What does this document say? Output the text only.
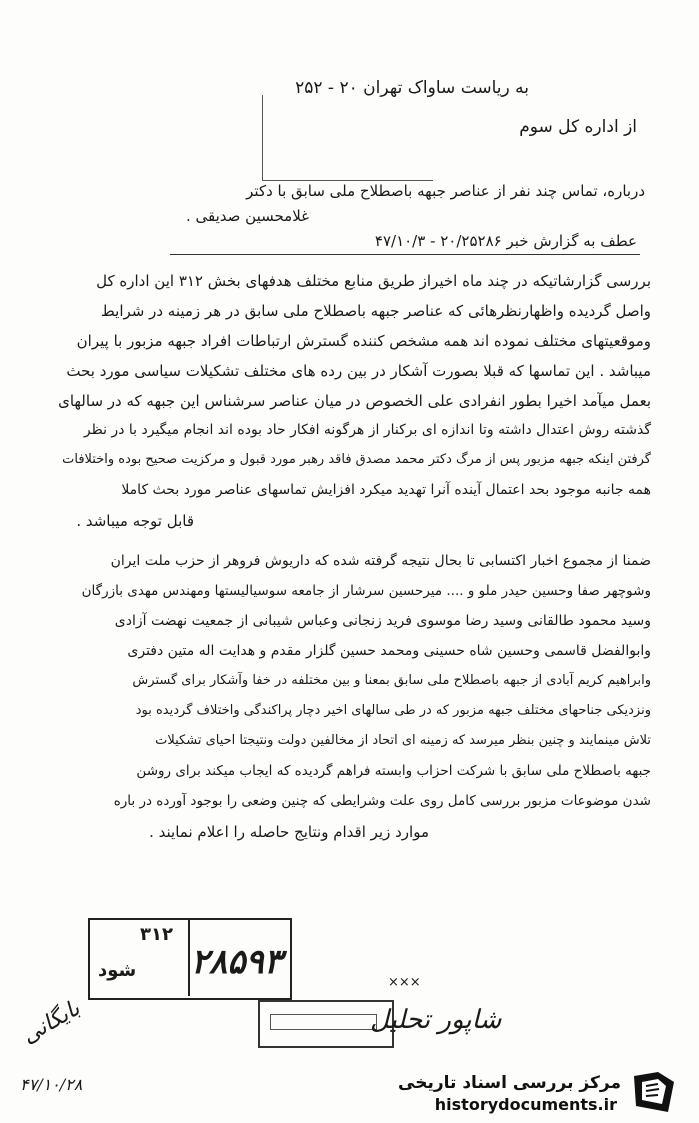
به ریاست ساواک تهران ۲۰ - ۲۵۲
از اداره کل سوم
درباره، تماس چند نفر از عناصر جبهه باصطلاح ملی سابق با دکتر
غلامحسین صدیقی .
عطف به گزارش خبر ۲۰/۲۵۲۸۶ - ۴۷/۱۰/۳
بررسی گزارشاتیکه در چند ماه اخیراز طریق منابع مختلف هدفهای بخش ۳۱۲ این اداره کل
واصل گردیده واظهارنظرهائی که عناصر جبهه باصطلاح ملی سابق در هر زمینه در شرایط
وموقعیتهای مختلف نموده اند همه مشخص کننده گسترش ارتباطات افراد جبهه مزبور با پیران
میباشد . این تماسها که قبلا بصورت آشکار در بین رده های مختلف تشکیلات سیاسی مورد بحث
بعمل میآمد اخیرا بطور انفرادی علی الخصوص در میان عناصر سرشناس این جبهه که در سالهای
گذشته روش اعتدال داشته وتا اندازه ای برکنار از هرگونه افکار حاد بوده اند انجام میگیرد با در نظر
گرفتن اینکه جبهه مزبور پس از مرگ دکتر محمد مصدق فاقد رهبر مورد قبول و مرکزیت صحیح بوده واختلافات
همه جانبه موجود بحد اعتمال آینده آنرا تهدید میکرد افزایش تماسهای عناصر مورد بحث کاملا
قابل توجه میباشد .
ضمنا از مجموع اخبار اکتسابی تا بحال نتیجه گرفته شده که داریوش فروهر از حزب ملت ایران
وشوچهر صفا وحسین حیدر ملو و .... میرحسین سرشار از جامعه سوسیالیستها ومهندس مهدی بازرگان
وسید محمود طالقانی وسید رضا موسوی فرید زنجانی وعباس شیبانی از جمعیت نهضت آزادی
وابوالفضل قاسمی وحسین شاه حسینی ومحمد حسین گلزار مقدم و هدایت اله متین دفتری
وابراهیم کریم آبادی از جبهه باصطلاح ملی سابق بمعنا و بین مختلفه در خفا وآشکار برای گسترش
ونزدیکی جناحهای مختلف جبهه مزبور که در طی سالهای اخیر دچار پراکندگی واختلاف گردیده بود
تلاش مینمایند و چنین بنظر میرسد که زمینه ای اتحاد از مخالفین دولت ونتیجتا احیای تشکیلات
جبهه باصطلاح ملی سابق با شرکت احزاب وابسته فراهم گردیده که ایجاب میکند برای روشن
شدن موضوعات مزبور بررسی کامل روی علت وشرایطی که چنین وضعی را بوجود آورده در باره
موارد زیر اقدام ونتایج حاصله را اعلام نمایند .
۳۱۲
۲۸۵۹۳
شود
بایگانی
۴۷/۱۰/۲۸
شاپور تحلیل
×××
مرکز بررسی اسناد تاریخی
historydocuments.ir
